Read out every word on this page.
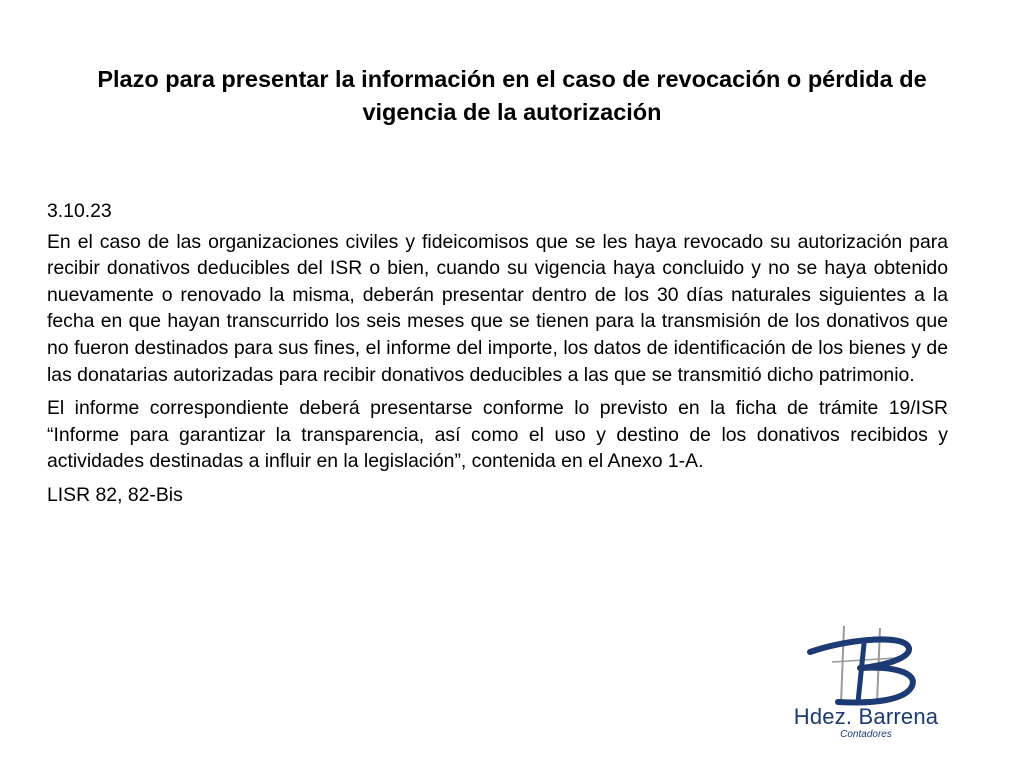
Plazo para presentar la información en el caso de revocación o pérdida de vigencia de la autorización

3.10.23

En el caso de las organizaciones civiles y fideicomisos que se les haya revocado su autorización para recibir donativos deducibles del ISR o bien, cuando su vigencia haya concluido y no se haya obtenido nuevamente o renovado la misma, deberán presentar dentro de los 30 días naturales siguientes a la fecha en que hayan transcurrido los seis meses que se tienen para la transmisión de los donativos que no fueron destinados para sus fines, el informe del importe, los datos de identificación de los bienes y de las donatarias autorizadas para recibir donativos deducibles a las que se transmitió dicho patrimonio.

El informe correspondiente deberá presentarse conforme lo previsto en la ficha de trámite 19/ISR “Informe para garantizar la transparencia, así como el uso y destino de los donativos recibidos y actividades destinadas a influir en la legislación”, contenida en el Anexo 1-A.

LISR 82, 82-Bis

Hdez. Barrena
Contadores
